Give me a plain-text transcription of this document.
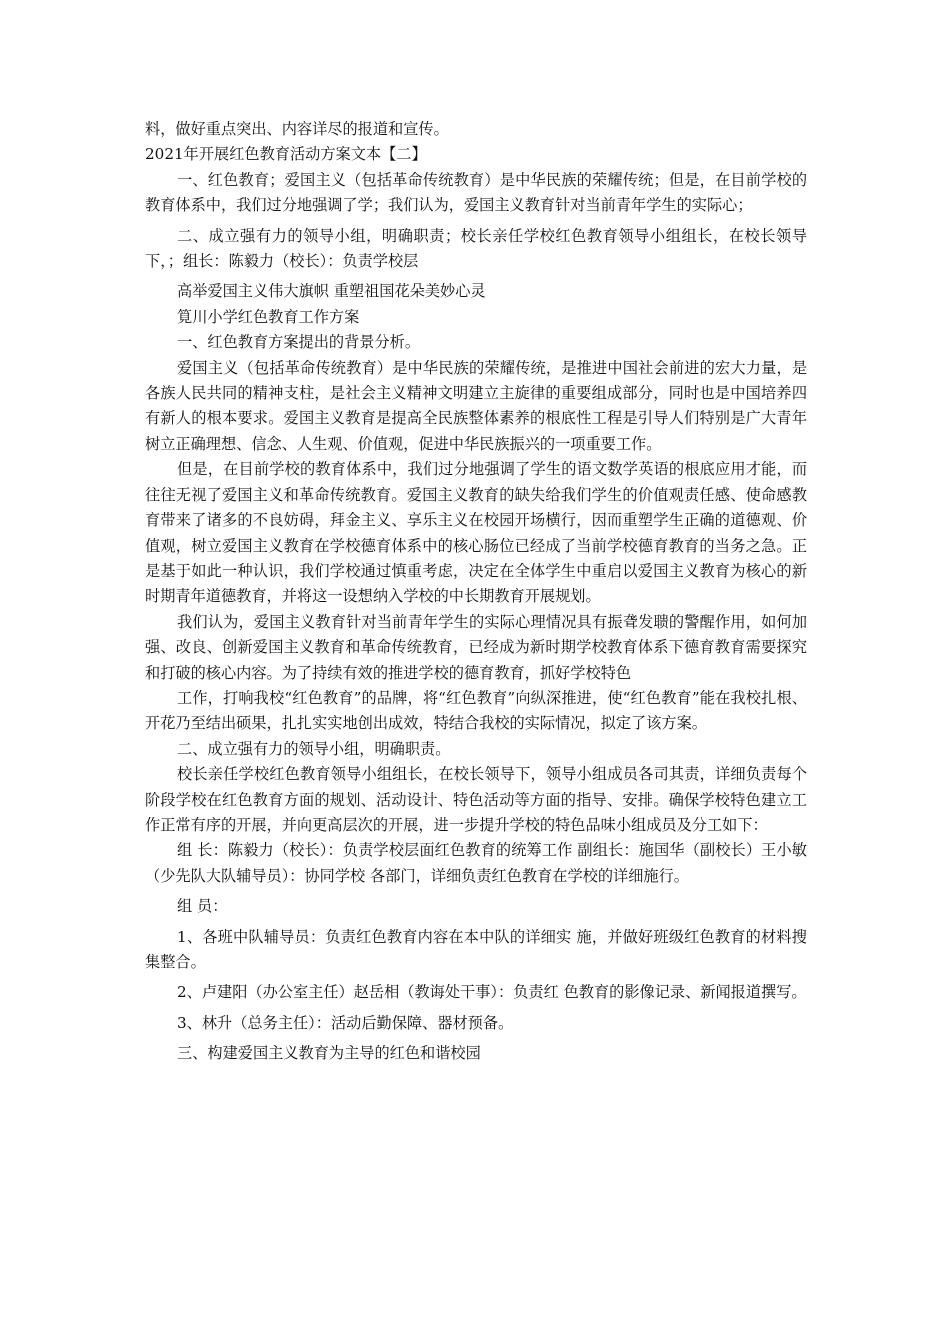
料，做好重点突出、内容详尽的报道和宣传。

2021年开展红色教育活动方案文本【二】

一、红色教育；爱国主义（包括革命传统教育）是中华民族的荣耀传统；但是，在目前学校的教育体系中，我们过分地强调了学；我们认为，爱国主义教育针对当前青年学生的实际心；

二、成立强有力的领导小组，明确职责；校长亲任学校红色教育领导小组组长，在校长领导下，；组长：陈毅力（校长）：负责学校层

高举爱国主义伟大旗帜 重塑祖国花朵美妙心灵

筧川小学红色教育工作方案

一、红色教育方案提出的背景分析。

爱国主义（包括革命传统教育）是中华民族的荣耀传统，是推进中国社会前进的宏大力量，是各族人民共同的精神支柱，是社会主义精神文明建立主旋律的重要组成部分，同时也是中国培养四有新人的根本要求。爱国主义教育是提高全民族整体素养的根底性工程是引导人们特别是广大青年树立正确理想、信念、人生观、价值观，促进中华民族振兴的一项重要工作。

但是，在目前学校的教育体系中，我们过分地强调了学生的语文数学英语的根底应用才能，而往往无视了爱国主义和革命传统教育。爱国主义教育的缺失给我们学生的价值观责任感、使命感教育带来了诸多的不良妨碍，拜金主义、享乐主义在校园开场横行，因而重塑学生正确的道德观、价值观，树立爱国主义教育在学校德育体系中的核心肠位已经成了当前学校德育教育的当务之急。正是基于如此一种认识，我们学校通过慎重考虑，决定在全体学生中重启以爱国主义教育为核心的新时期青年道德教育，并将这一设想纳入学校的中长期教育开展规划。

我们认为，爱国主义教育针对当前青年学生的实际心理情况具有振聋发聩的警醒作用，如何加强、改良、创新爱国主义教育和革命传统教育，已经成为新时期学校教育体系下德育教育需要探究和打破的核心内容。为了持续有效的推进学校的德育教育，抓好学校特色

工作，打响我校“红色教育”的品牌，将“红色教育”向纵深推进，使“红色教育”能在我校扎根、开花乃至结出硕果，扎扎实实地创出成效，特结合我校的实际情况，拟定了该方案。

二、成立强有力的领导小组，明确职责。

校长亲任学校红色教育领导小组组长，在校长领导下，领导小组成员各司其责，详细负责每个阶段学校在红色教育方面的规划、活动设计、特色活动等方面的指导、安排。确保学校特色建立工作正常有序的开展，并向更高层次的开展，进一步提升学校的特色品味小组成员及分工如下：

组 长：陈毅力（校长）：负责学校层面红色教育的统筹工作 副组长：施国华（副校长）王小敏（少先队大队辅导员）：协同学校 各部门，详细负责红色教育在学校的详细施行。

组 员：

1、各班中队辅导员：负责红色教育内容在本中队的详细实 施，并做好班级红色教育的材料搜集整合。

2、卢建阳（办公室主任）赵岳相（教诲处干事）：负责红 色教育的影像记录、新闻报道撰写。

3、林升（总务主任）：活动后勤保障、器材预备。

三、构建爱国主义教育为主导的红色和谐校园
